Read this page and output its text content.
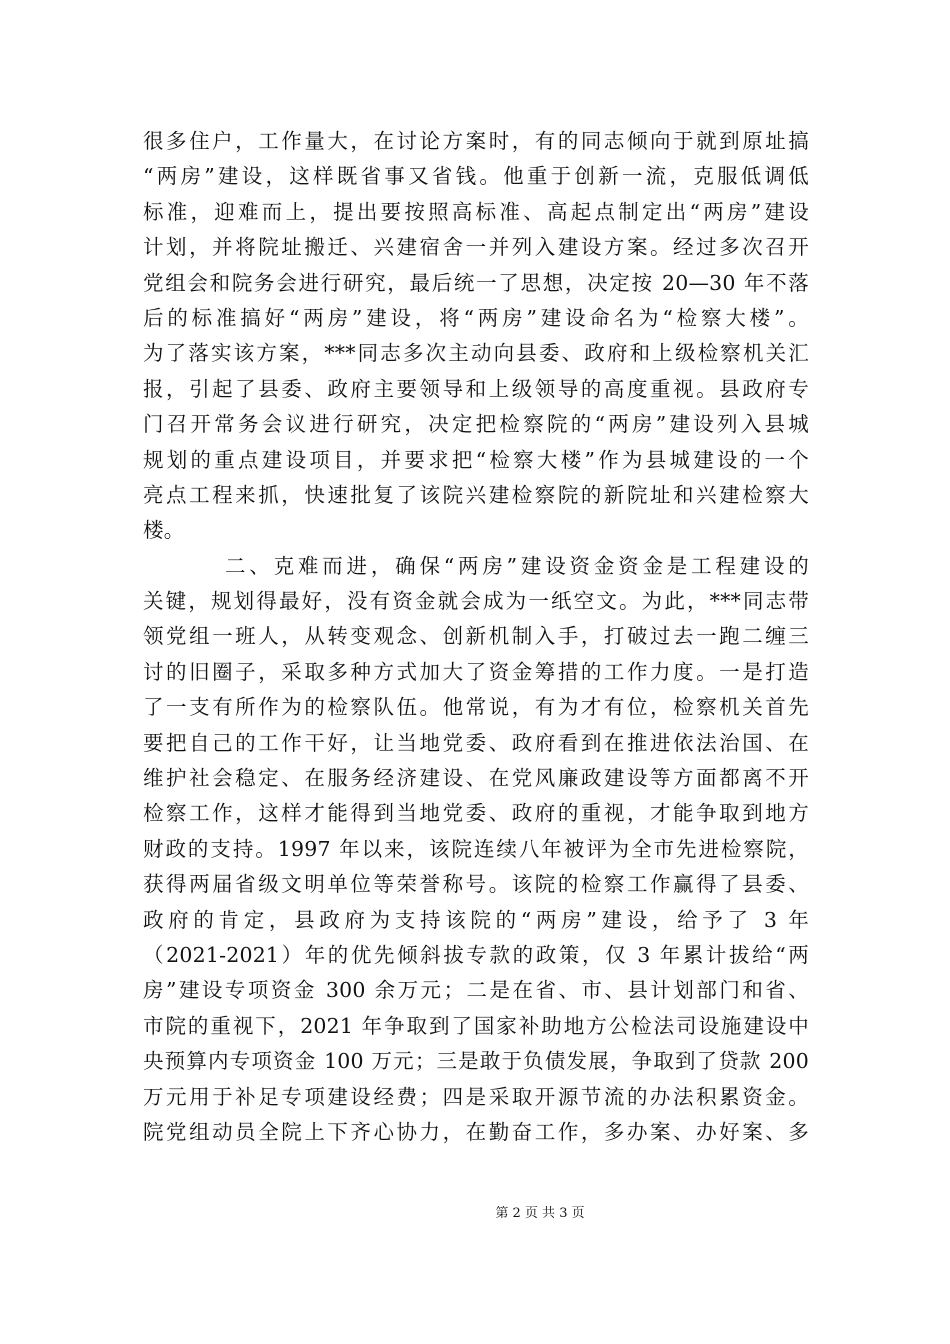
很多住户，工作量大，在讨论方案时，有的同志倾向于就到原址搞
“两房”建设，这样既省事又省钱。他重于创新一流，克服低调低
标准，迎难而上，提出要按照高标准、高起点制定出“两房”建设
计划，并将院址搬迁、兴建宿舍一并列入建设方案。经过多次召开
党组会和院务会进行研究，最后统一了思想，决定按 20—30 年不落
后的标准搞好“两房”建设，将“两房”建设命名为“检察大楼”。
为了落实该方案，***同志多次主动向县委、政府和上级检察机关汇
报，引起了县委、政府主要领导和上级领导的高度重视。县政府专
门召开常务会议进行研究，决定把检察院的“两房”建设列入县城
规划的重点建设项目，并要求把“检察大楼”作为县城建设的一个
亮点工程来抓，快速批复了该院兴建检察院的新院址和兴建检察大
楼。
二、克难而进，确保“两房”建设资金资金是工程建设的
关键，规划得最好，没有资金就会成为一纸空文。为此，***同志带
领党组一班人，从转变观念、创新机制入手，打破过去一跑二缠三
讨的旧圈子，采取多种方式加大了资金筹措的工作力度。一是打造
了一支有所作为的检察队伍。他常说，有为才有位，检察机关首先
要把自己的工作干好，让当地党委、政府看到在推进依法治国、在
维护社会稳定、在服务经济建设、在党风廉政建设等方面都离不开
检察工作，这样才能得到当地党委、政府的重视，才能争取到地方
财政的支持。1997 年以来，该院连续八年被评为全市先进检察院，
获得两届省级文明单位等荣誉称号。该院的检察工作赢得了县委、
政府的肯定，县政府为支持该院的“两房”建设，给予了 3 年
（2021-2021）年的优先倾斜拔专款的政策，仅 3 年累计拔给“两
房”建设专项资金 300 余万元；二是在省、市、县计划部门和省、
市院的重视下，2021 年争取到了国家补助地方公检法司设施建设中
央预算内专项资金 100 万元；三是敢于负债发展，争取到了贷款 200
万元用于补足专项建设经费；四是采取开源节流的办法积累资金。
院党组动员全院上下齐心协力，在勤奋工作，多办案、办好案、多
第 2 页 共 3 页
